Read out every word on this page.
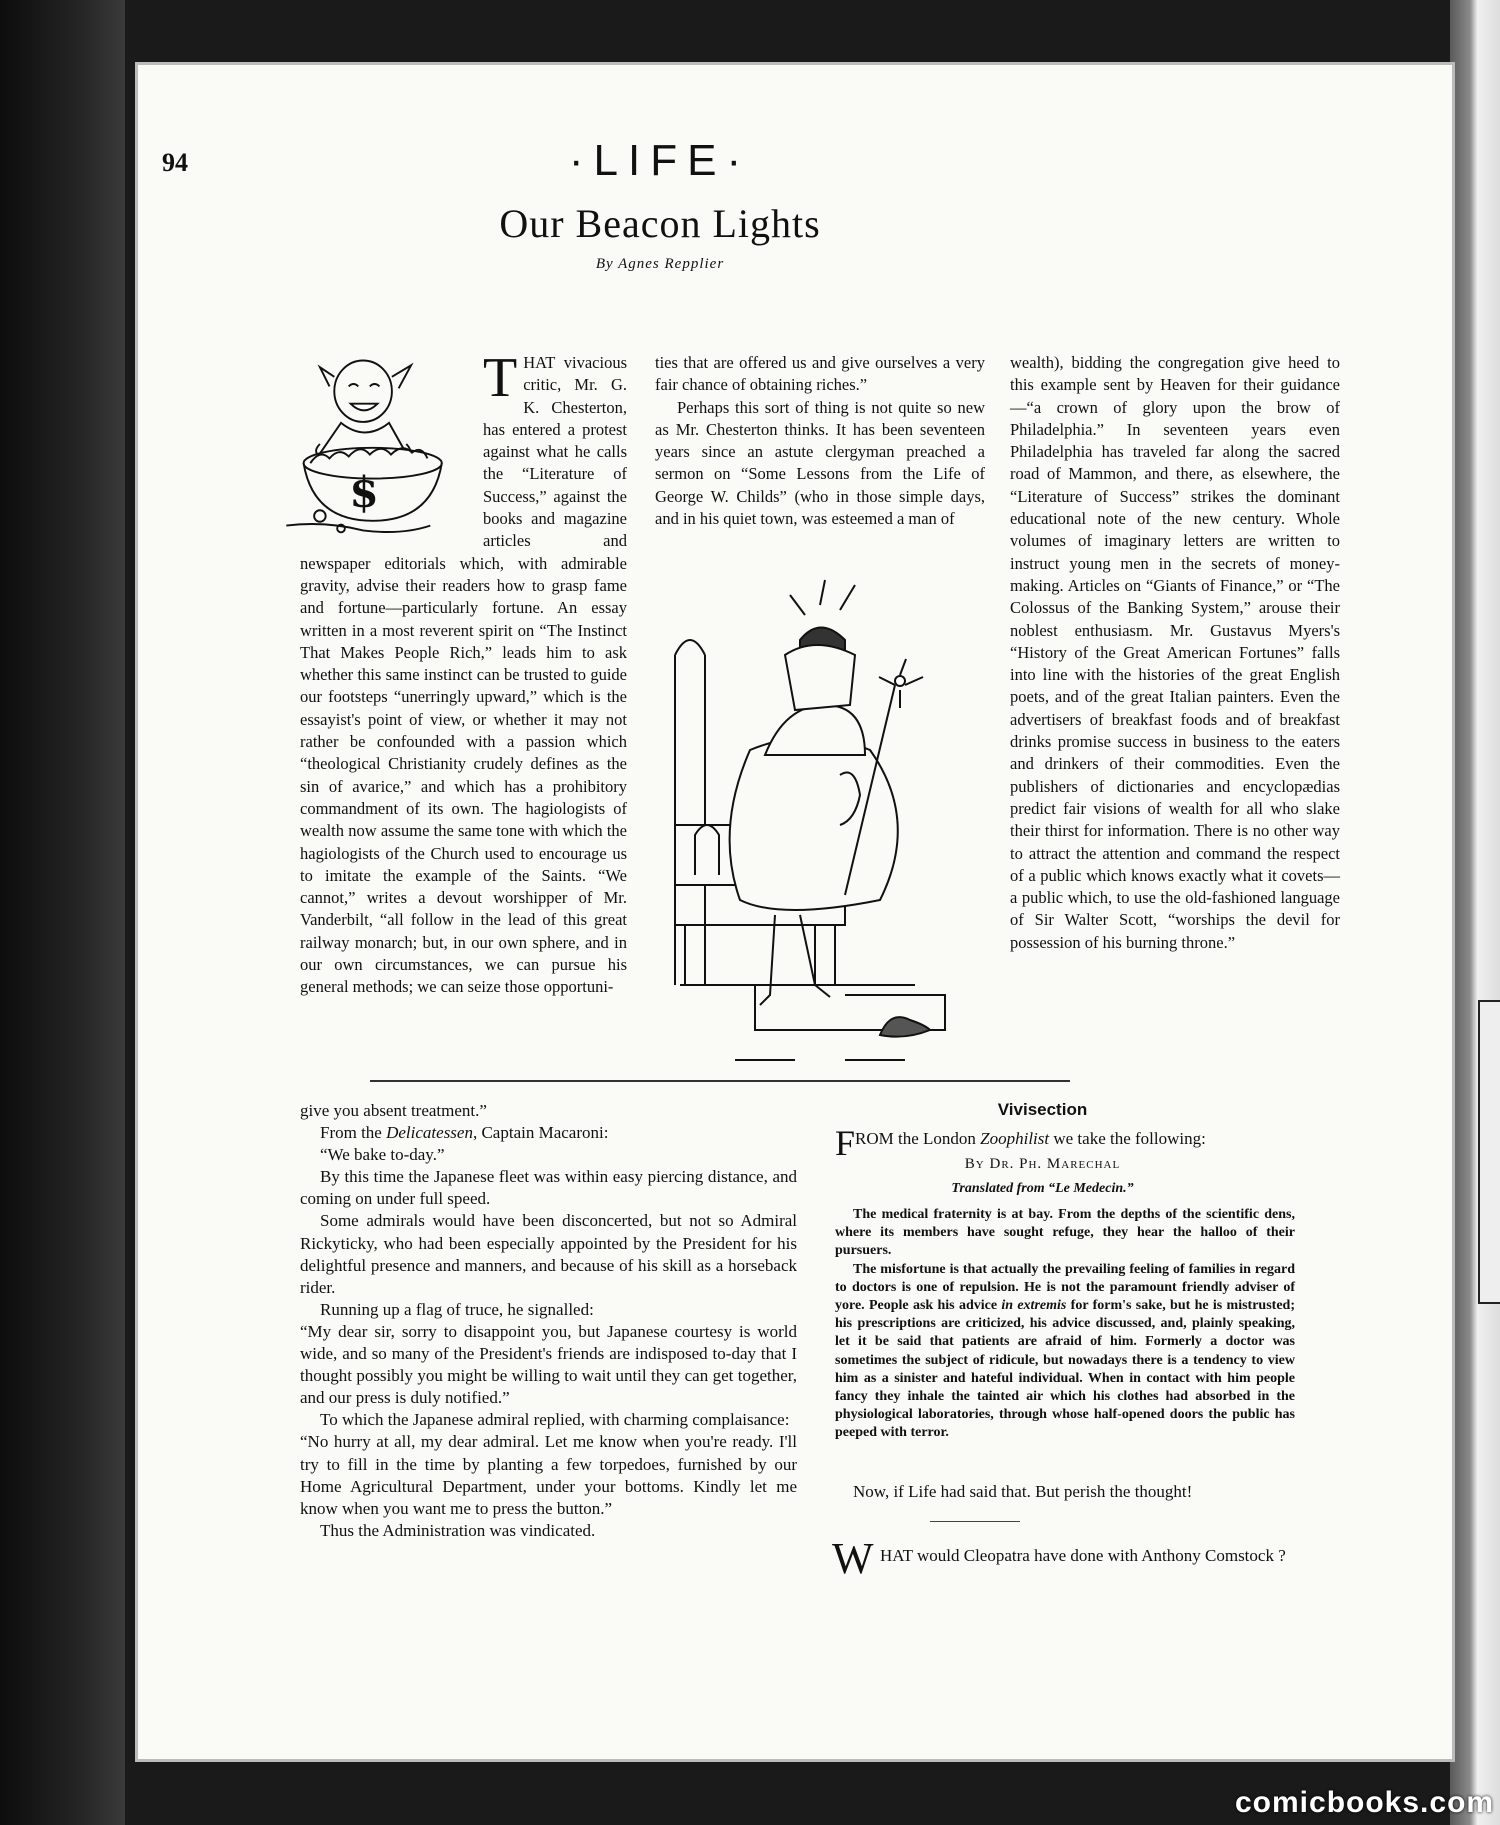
94	·LIFE·
Our Beacon Lights
By Agnes Repplier
$

THAT vivacious critic, Mr. G. K. Chesterton, has entered a protest against what he calls the “Literature of Success,” against the books and magazine articles and newspaper editorials which, with admirable gravity, advise their readers how to grasp fame and fortune—particularly fortune. An essay written in a most reverent spirit on “The Instinct That Makes People Rich,” leads him to ask whether this same instinct can be trusted to guide our footsteps “unerringly upward,” which is the essayist's point of view, or whether it may not rather be confounded with a passion which “theological Christianity crudely defines as the sin of avarice,” and which has a prohibitory commandment of its own. The hagiologists of wealth now assume the same tone with which the hagiologists of the Church used to encourage us to imitate the example of the Saints. “We cannot,” writes a devout worshipper of Mr. Vanderbilt, “all follow in the lead of this great railway monarch; but, in our own sphere, and in our own circumstances, we can pursue his general methods; we can seize those opportuni-

ties that are offered us and give ourselves a very fair chance of obtaining riches.”

Perhaps this sort of thing is not quite so new as Mr. Chesterton thinks. It has been seventeen years since an astute clergyman preached a sermon on “Some Lessons from the Life of George W. Childs” (who in those simple days, and in his quiet town, was esteemed a man of

wealth), bidding the congregation give heed to this example sent by Heaven for their guidance—“a crown of glory upon the brow of Philadelphia.” In seventeen years even Philadelphia has traveled far along the sacred road of Mammon, and there, as elsewhere, the “Literature of Success” strikes the dominant educational note of the new century. Whole volumes of imaginary letters are written to instruct young men in the secrets of money-making. Articles on “Giants of Finance,” or “The Colossus of the Banking System,” arouse their noblest enthusiasm. Mr. Gustavus Myers's “History of the Great American Fortunes” falls into line with the histories of the great English poets, and of the great Italian painters. Even the advertisers of breakfast foods and of breakfast drinks promise success in business to the eaters and drinkers of their commodities. Even the publishers of dictionaries and encyclopædias predict fair visions of wealth for all who slake their thirst for information. There is no other way to attract the attention and command the respect of a public which knows exactly what it covets—a public which, to use the old-fashioned language of Sir Walter Scott, “worships the devil for possession of his burning throne.”

give you absent treatment.”

From the Delicatessen, Captain Macaroni:

“We bake to-day.”

By this time the Japanese fleet was within easy piercing distance, and coming on under full speed.

Some admirals would have been disconcerted, but not so Admiral Rickyticky, who had been especially appointed by the President for his delightful presence and manners, and because of his skill as a horseback rider.

Running up a flag of truce, he signalled:

“My dear sir, sorry to disappoint you, but Japanese courtesy is world wide, and so many of the President's friends are indisposed to-day that I thought possibly you might be willing to wait until they can get together, and our press is duly notified.”

To which the Japanese admiral replied, with charming complaisance:

“No hurry at all, my dear admiral. Let me know when you're ready. I'll try to fill in the time by planting a few torpedoes, furnished by our Home Agricultural Department, under your bottoms. Kindly let me know when you want me to press the button.”

Thus the Administration was vindicated.

Vivisection
F ROM the London Zoophilist we take the following:
By Dr. Ph. Marechal
Translated from “Le Medecin.”

The medical fraternity is at bay. From the depths of the scientific dens, where its members have sought refuge, they hear the halloo of their pursuers.

The misfortune is that actually the prevailing feeling of families in regard to doctors is one of repulsion. He is not the paramount friendly adviser of yore. People ask his advice in extremis for form's sake, but he is mistrusted; his prescriptions are criticized, his advice discussed, and, plainly speaking, let it be said that patients are afraid of him. Formerly a doctor was sometimes the subject of ridicule, but nowadays there is a tendency to view him as a sinister and hateful individual. When in contact with him people fancy they inhale the tainted air which his clothes had absorbed in the physiological laboratories, through whose half-opened doors the public has peeped with terror.

Now, if Life had said that. But perish the thought!
W HAT would Cleopatra have done with Anthony Comstock ?
comicbooks.com
